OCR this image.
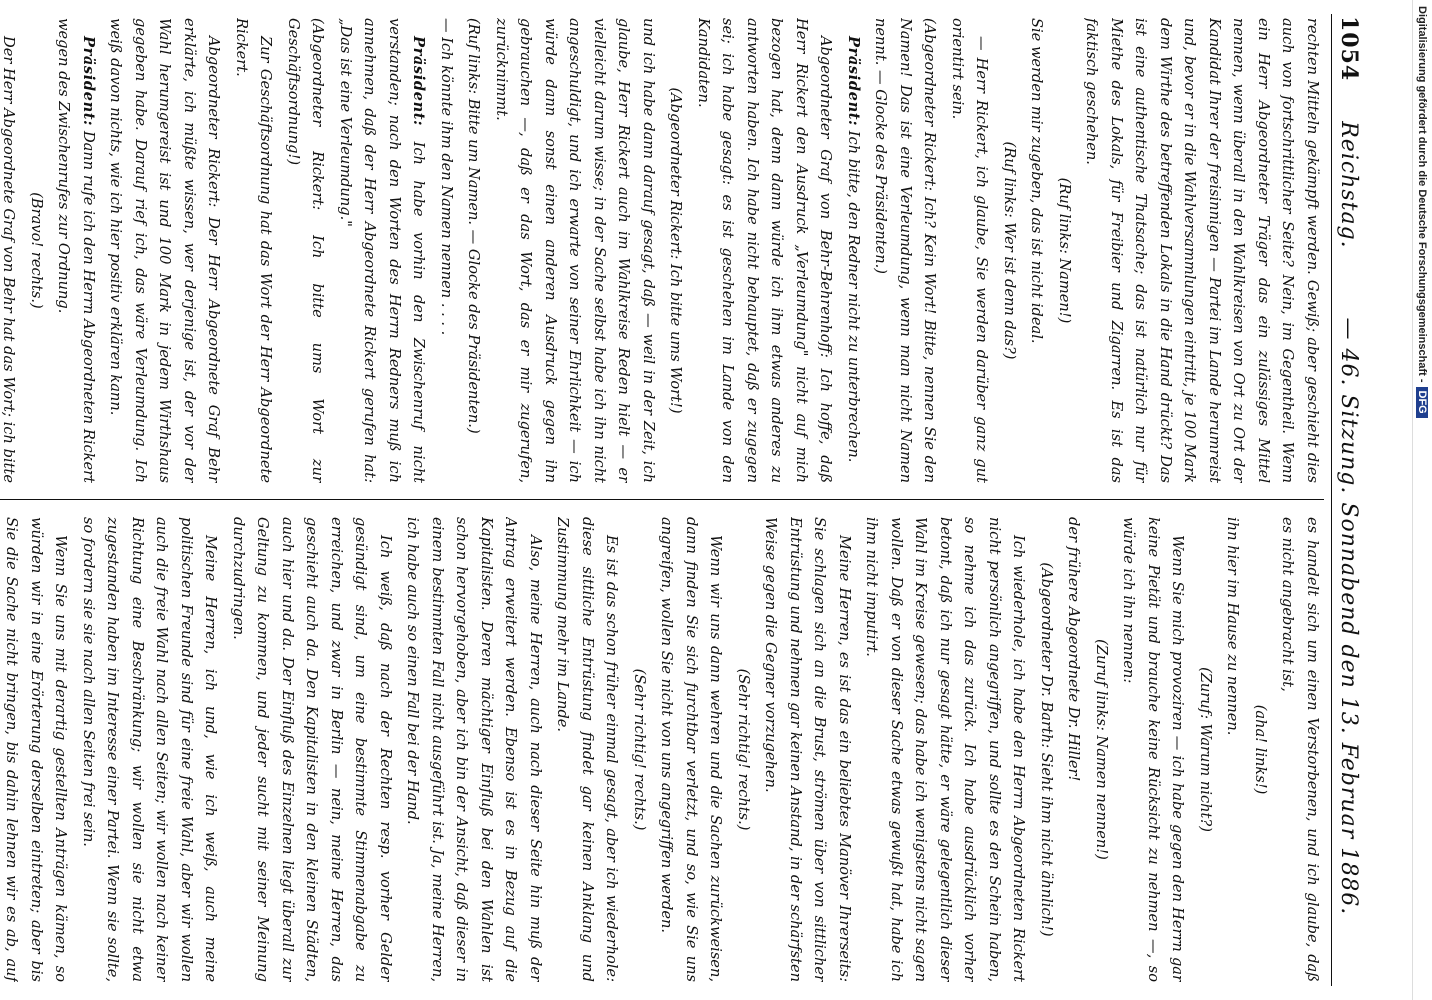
1054
Reichstag.
— 46. Sitzung. Sonnabend den 13. Februar 1886.

rechten Mitteln gekämpft werden. Gewiß; aber geschieht dies auch von fortschrittlicher Seite? Nein, im Gegentheil. Wenn ein Herr Abgeordneter Träger das ein zulässiges Mittel nennen, wenn überall in den Wahlkreisen von Ort zu Ort der Kandidat Ihrer der freisinnigen — Partei im Lande herumreist und, bevor er in die Wahlversammlungen eintritt, je 100 Mark dem Wirthe des betreffenden Lokals in die Hand drückt? Das ist eine authentische Thatsache; das ist natürlich nur für Miethe des Lokals, für Freibier und Zigarren. Es ist das faktisch geschehen.

(Ruf links: Namen!)

Sie werden mir zugeben, das ist nicht ideal.

(Ruf links: Wer ist denn das?)

— Herr Rickert, ich glaube, Sie werden darüber ganz gut orientirt sein.

(Abgeordneter Rickert: Ich? Kein Wort! Bitte, nennen Sie den Namen! Das ist eine Verleumdung, wenn man nicht Namen nennt. — Glocke des Präsidenten.)

Präsident: Ich bitte, den Redner nicht zu unterbrechen.

Abgeordneter Graf von Behr-Behrenhoff: Ich hoffe, daß Herr Rickert den Ausdruck „Verleumdung" nicht auf mich bezogen hat, denn dann würde ich ihm etwas anderes zu antworten haben. Ich habe nicht behauptet, daß er zugegen sei; ich habe gesagt: es ist geschehen im Lande von den Kandidaten.

(Abgeordneter Rickert: Ich bitte ums Wort!)

und ich habe dann darauf gesagt, daß — weil in der Zeit, ich glaube, Herr Rickert auch im Wahlkreise Reden hielt — er vielleicht darum wisse; in der Sache selbst habe ich ihn nicht angeschuldigt, und ich erwarte von seiner Ehrlichkeit — ich würde dann sonst einen anderen Ausdruck gegen ihn gebrauchen —, daß er das Wort, das er mir zugerufen, zurücknimmt.

(Ruf links: Bitte um Namen. — Glocke des Präsidenten.)

— Ich könnte ihm den Namen nennen . . . .

Präsident: Ich habe vorhin den Zwischenruf nicht verstanden; nach den Worten des Herrn Redners muß ich annehmen, daß der Herr Abgeordnete Rickert gerufen hat: „Das ist eine Verleumdung."

(Abgeordneter Rickert: Ich bitte ums Wort zur Geschäftsordnung!)

Zur Geschäftsordnung hat das Wort der Herr Abgeordnete Rickert.

Abgeordneter Rickert: Der Herr Abgeordnete Graf Behr erklärte, ich müßte wissen, wer derjenige ist, der vor der Wahl herumgereist ist und 100 Mark in jedem Wirthshaus gegeben habe. Darauf rief ich, das wäre Verleumdung. Ich weiß davon nichts, wie ich hier positiv erklären kann.

Präsident: Dann rufe ich den Herrn Abgeordneten Rickert wegen des Zwischenrufes zur Ordnung.

(Bravo! rechts.)

Der Herr Abgeordnete Graf von Behr hat das Wort; ich bitte

es handelt sich um einen Verstorbenen, und ich glaube, daß es nicht angebracht ist,

(aha! links!)

ihn hier im Hause zu nennen.

(Zuruf: Warum nicht?)

Wenn Sie mich provoziren — ich habe gegen den Herrn gar keine Pietät und brauche keine Rücksicht zu nehmen —, so würde ich ihn nennen:

(Zuruf links: Namen nennen!)

der frühere Abgeordnete Dr. Hiller!

(Abgeordneter Dr. Barth: Sieht ihm nicht ähnlich!)

Ich wiederhole, ich habe den Herrn Abgeordneten Rickert nicht persönlich angegriffen, und sollte es den Schein haben, so nehme ich das zurück. Ich habe ausdrücklich vorher betont, daß ich nur gesagt hätte, er wäre gelegentlich dieser Wahl im Kreise gewesen; das habe ich wenigstens nicht sagen wollen. Daß er von dieser Sache etwas gewußt hat, habe ich ihm nicht imputirt.

Meine Herren, es ist das ein beliebtes Manöver Ihrerseits: Sie schlagen sich an die Brust, strömen über von sittlicher Entrüstung und nehmen gar keinen Anstand, in der schärfsten Weise gegen die Gegner vorzugehen.

(Sehr richtig! rechts.)

Wenn wir uns dann wehren und die Sachen zurückweisen, dann finden Sie sich furchtbar verletzt, und so, wie Sie uns angreifen, wollen Sie nicht von uns angegriffen werden.

(Sehr richtig! rechts.)

Es ist das schon früher einmal gesagt, aber ich wiederhole: diese sittliche Entrüstung findet gar keinen Anklang und Zustimmung mehr im Lande.

Also, meine Herren, auch nach dieser Seite hin muß der Antrag erweitert werden. Ebenso ist es in Bezug auf die Kapitalisten. Deren mächtiger Einfluß bei den Wahlen ist schon hervorgehoben, aber ich bin der Ansicht, daß dieser in einem bestimmten Fall nicht ausgeführt ist. Ja, meine Herren, ich habe auch so einen Fall bei der Hand.

Ich weiß, daß nach der Rechten resp. vorher Gelder gesündigt sind, um eine bestimmte Stimmenabgabe zu erreichen, und zwar in Berlin — nein, meine Herren, das geschieht auch da. Den Kapitalisten in den kleinen Städten, auch hier und da. Der Einfluß des Einzelnen liegt überall zur Geltung zu kommen, und jeder sucht mit seiner Meinung durchzudringen.

Meine Herren, ich und, wie ich weiß, auch meine politischen Freunde sind für eine freie Wahl, aber wir wollen auch die freie Wahl nach allen Seiten; wir wollen nach keiner Richtung eine Beschränkung; wir wollen sie nicht etwa zugestanden haben im Interesse einer Partei. Wenn sie sollte, so fordern sie sie nach allen Seiten frei sein.

Wenn Sie uns mit derartig gestellten Anträgen kämen, so würden wir in eine Erörterung derselben eintreten; aber bis Sie die Sache nicht bringen, bis dahin lehnen wir es ab, auf

Digitalisierung gefördert durch die Deutsche Forschungsgemeinschaft -
DFG
